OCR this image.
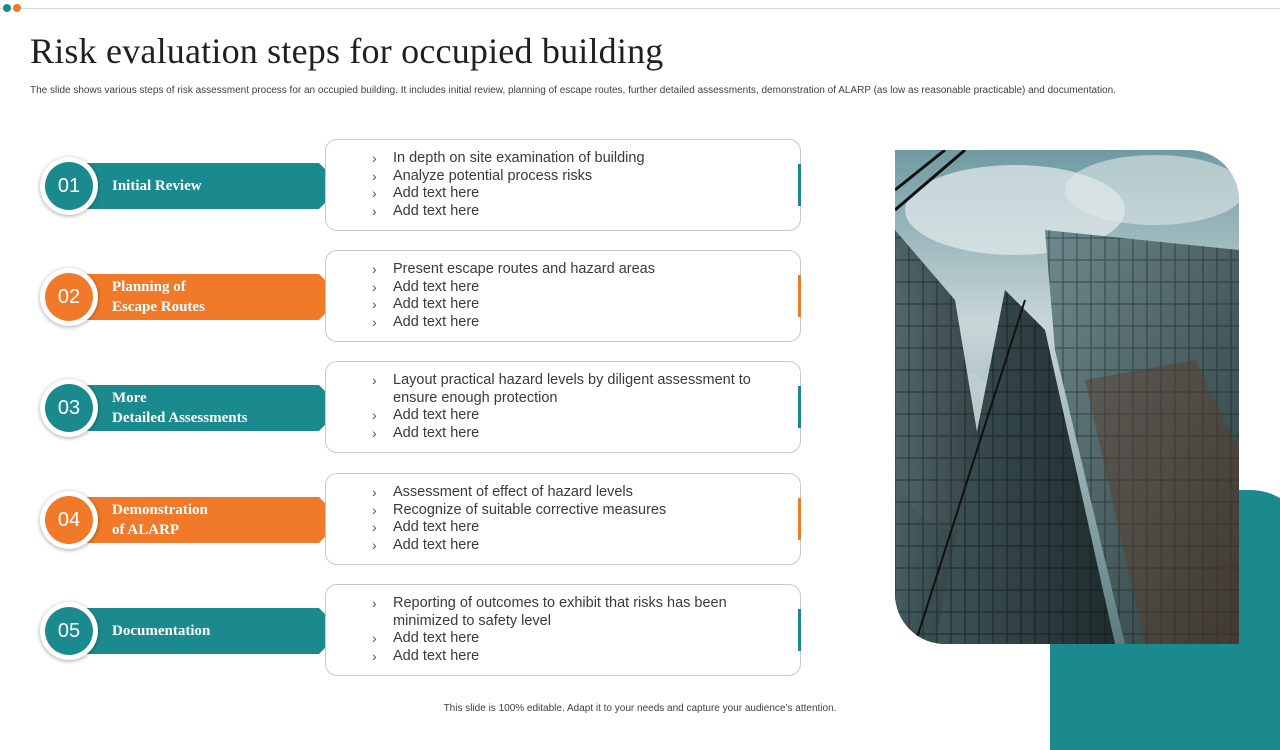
Risk evaluation steps for occupied building
The slide shows various steps of risk assessment process for an occupied building. It includes initial review, planning of escape routes, further detailed assessments, demonstration of ALARP (as low as reasonable practicable) and documentation.
Initial Review
01
› In depth on site examination of building
› Analyze potential process risks
› Add text here
› Add text here
Planning of
Escape Routes
02
› Present escape routes and hazard areas
› Add text here
› Add text here
› Add text here
More
Detailed Assessments
03
› Layout practical hazard levels by diligent assessment to ensure enough protection
› Add text here
› Add text here
Demonstration
of ALARP
04
› Assessment of effect of hazard levels
› Recognize of suitable corrective measures
› Add text here
› Add text here
Documentation
05
› Reporting of outcomes to exhibit that risks has been minimized to safety level
› Add text here
› Add text here
This slide is 100% editable. Adapt it to your needs and capture your audience’s attention.
